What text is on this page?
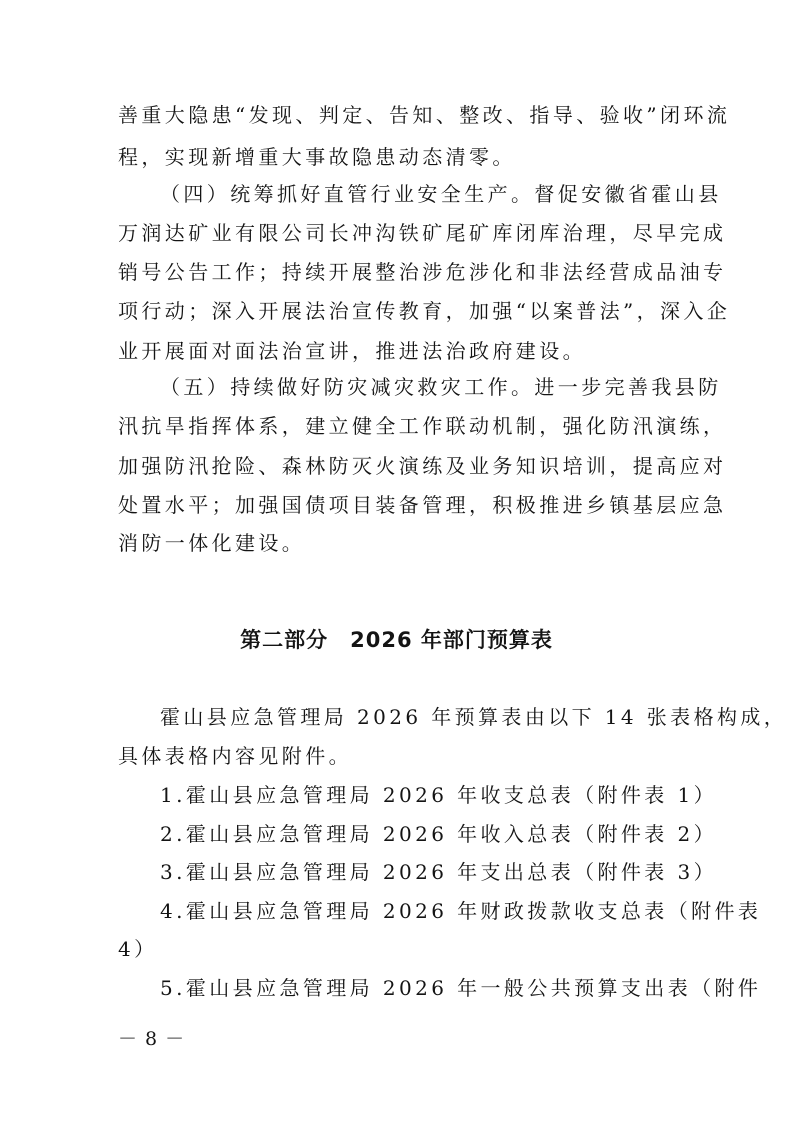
善重大隐患“发现、判定、告知、整改、指导、验收”闭环流
程，实现新增重大事故隐患动态清零。
（四）统筹抓好直管行业安全生产。督促安徽省霍山县
万润达矿业有限公司长冲沟铁矿尾矿库闭库治理，尽早完成
销号公告工作；持续开展整治涉危涉化和非法经营成品油专
项行动；深入开展法治宣传教育，加强“以案普法”，深入企
业开展面对面法治宣讲，推进法治政府建设。
（五）持续做好防灾减灾救灾工作。进一步完善我县防
汛抗旱指挥体系，建立健全工作联动机制，强化防汛演练，
加强防汛抢险、森林防灭火演练及业务知识培训，提高应对
处置水平；加强国债项目装备管理，积极推进乡镇基层应急
消防一体化建设。
第二部分　2026 年部门预算表
霍山县应急管理局 2026 年预算表由以下 14 张表格构成，
具体表格内容见附件。
1.霍山县应急管理局 2026 年收支总表（附件表 1）
2.霍山县应急管理局 2026 年收入总表（附件表 2）
3.霍山县应急管理局 2026 年支出总表（附件表 3）
4.霍山县应急管理局 2026 年财政拨款收支总表（附件表
4）
5.霍山县应急管理局 2026 年一般公共预算支出表（附件
－ 8 －
